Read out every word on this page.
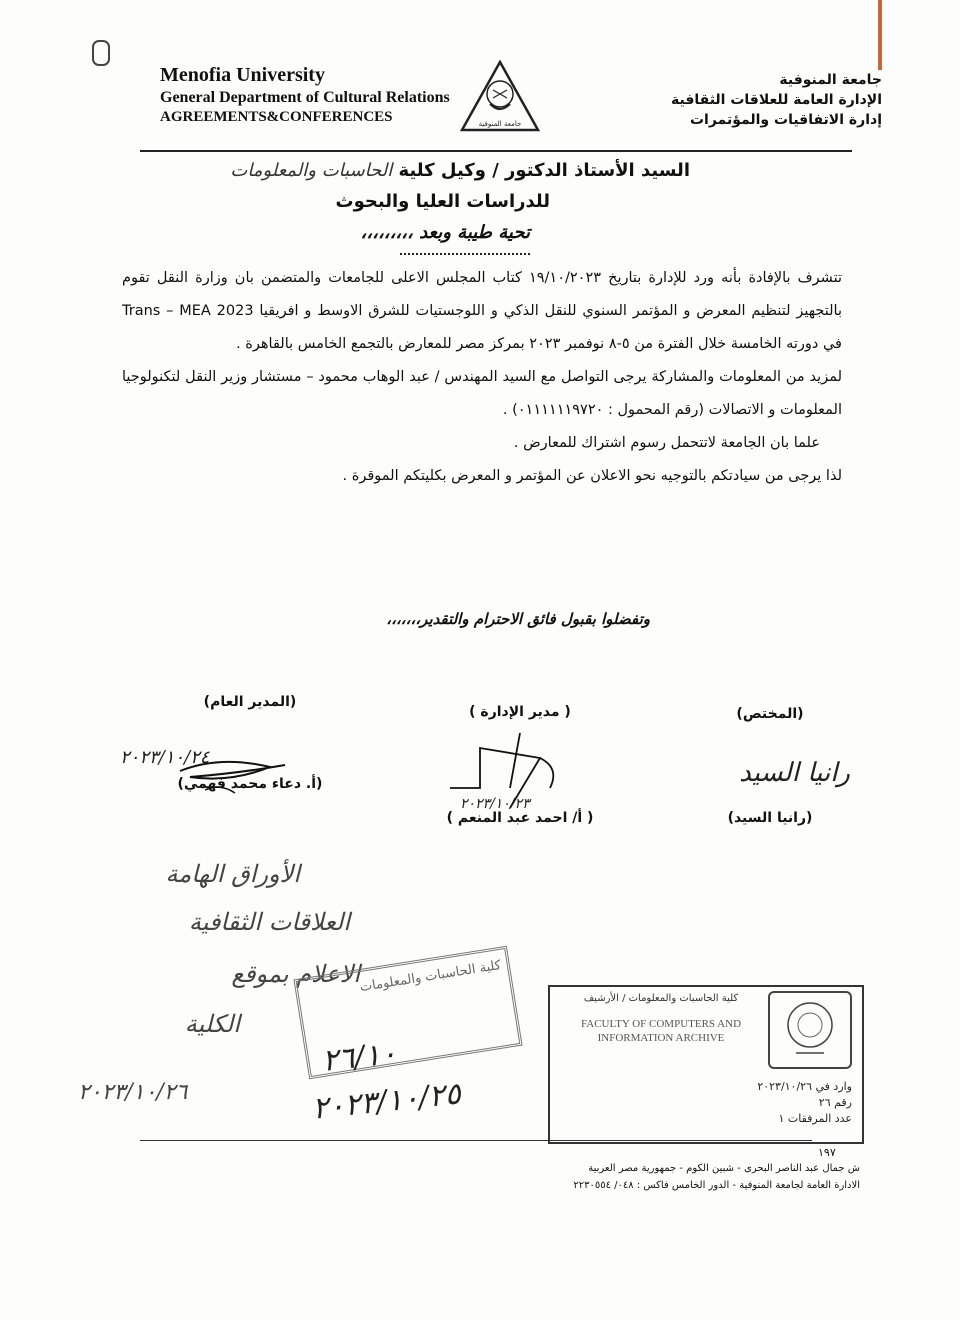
Menofia University
General Department of Cultural Relations
AGREEMENTS&CONFERENCES	جامعة المنوفية
جامعة المنوفية
الإدارة العامة للعلاقات الثقافية
إدارة الاتفاقيات والمؤتمرات
السيد الأستاذ الدكتور / وكيل كلية الحاسبات والمعلومات
للدراسات العليا والبحوث
تحية طيبة وبعد ،،،،،،،،،

تتشرف بالإفادة بأنه ورد للإدارة بتاريخ ١٩/١٠/٢٠٢٣ كتاب المجلس الاعلى للجامعات والمتضمن بان وزارة النقل تقوم بالتجهيز لتنظيم المعرض و المؤتمر السنوي للنقل الذكي و اللوجستيات للشرق الاوسط و افريقيا Trans – MEA 2023 في دورته الخامسة خلال الفترة من ٥-٨ نوفمبر ٢٠٢٣ بمركز مصر للمعارض بالتجمع الخامس بالقاهرة .

لمزيد من المعلومات والمشاركة يرجى التواصل مع السيد المهندس / عبد الوهاب محمود – مستشار وزير النقل لتكنولوجيا المعلومات و الاتصالات (رقم المحمول : ٠١١١١١١٩٧٢٠) .

علما بان الجامعة لاتتحمل رسوم اشتراك للمعارض .

لذا يرجى من سيادتكم بالتوجيه نحو الاعلان عن المؤتمر و المعرض بكليتكم الموقرة .

وتفضلوا بقبول فائق الاحترام والتقدير،،،،،،،
(المدير العام)
(أ. دعاء محمد فهمي)
٢٠٢٣/١٠/٢٤
( مدير الإدارة )
( أ/ احمد عبد المنعم )
٢٠٢٣/١٠/٢٣
(المختص)
(رانيا السيد)
رانيا السيد
الأوراق الهامة
العلاقات الثقافية
الاعلام بموقع
الكلية
٢٠٢٣/١٠/٢٦
كلية الحاسبات والمعلومات
٢٦/١٠
٢٠٢٣/١٠/٢٥
كلية الحاسبات والمعلومات / الأرشيف
FACULTY OF COMPUTERS AND INFORMATION ARCHIVE
وارد في ٢٠٢٣/١٠/٢٦
رقم ٢٦
عدد المرفقات ١
١٩٧
ش جمال عبد الناصر البحرى - شبين الكوم - جمهورية مصر العربية
الادارة العامة لجامعة المنوفية - الدور الخامس فاكس : ٠٤٨/ ٢٢٣٠٥٥٤
